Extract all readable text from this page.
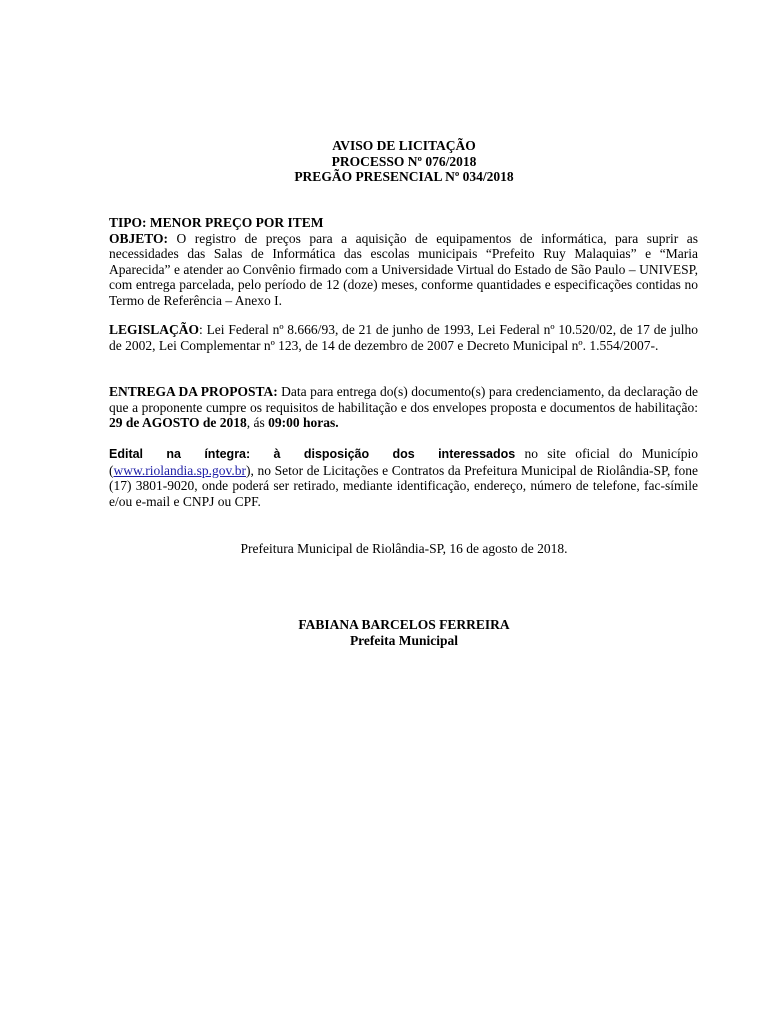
AVISO DE LICITAÇÃO
PROCESSO Nº 076/2018
PREGÃO PRESENCIAL Nº 034/2018
TIPO: MENOR PREÇO POR ITEM
OBJETO: O registro de preços para a aquisição de equipamentos de informática, para suprir as necessidades das Salas de Informática das escolas municipais “Prefeito Ruy Malaquias” e “Maria Aparecida” e atender ao Convênio firmado com a Universidade Virtual do Estado de São Paulo – UNIVESP, com entrega parcelada, pelo período de 12 (doze) meses, conforme quantidades e especificações contidas no Termo de Referência – Anexo I.
LEGISLAÇÃO: Lei Federal nº 8.666/93, de 21 de junho de 1993, Lei Federal nº 10.520/02, de 17 de julho de 2002, Lei Complementar nº 123, de 14 de dezembro de 2007 e Decreto Municipal nº. 1.554/2007-.
ENTREGA DA PROPOSTA: Data para entrega do(s) documento(s) para credenciamento, da declaração de que a proponente cumpre os requisitos de habilitação e dos envelopes proposta e documentos de habilitação: 29 de AGOSTO de 2018, ás 09:00 horas.
Edital na íntegra: à disposição dos interessados no site oficial do Município (www.riolandia.sp.gov.br), no Setor de Licitações e Contratos da Prefeitura Municipal de Riolândia-SP, fone (17) 3801-9020, onde poderá ser retirado, mediante identificação, endereço, número de telefone, fac-símile e/ou e-mail e CNPJ ou CPF.
Prefeitura Municipal de Riolândia-SP, 16 de agosto de 2018.
FABIANA BARCELOS FERREIRA
Prefeita Municipal
